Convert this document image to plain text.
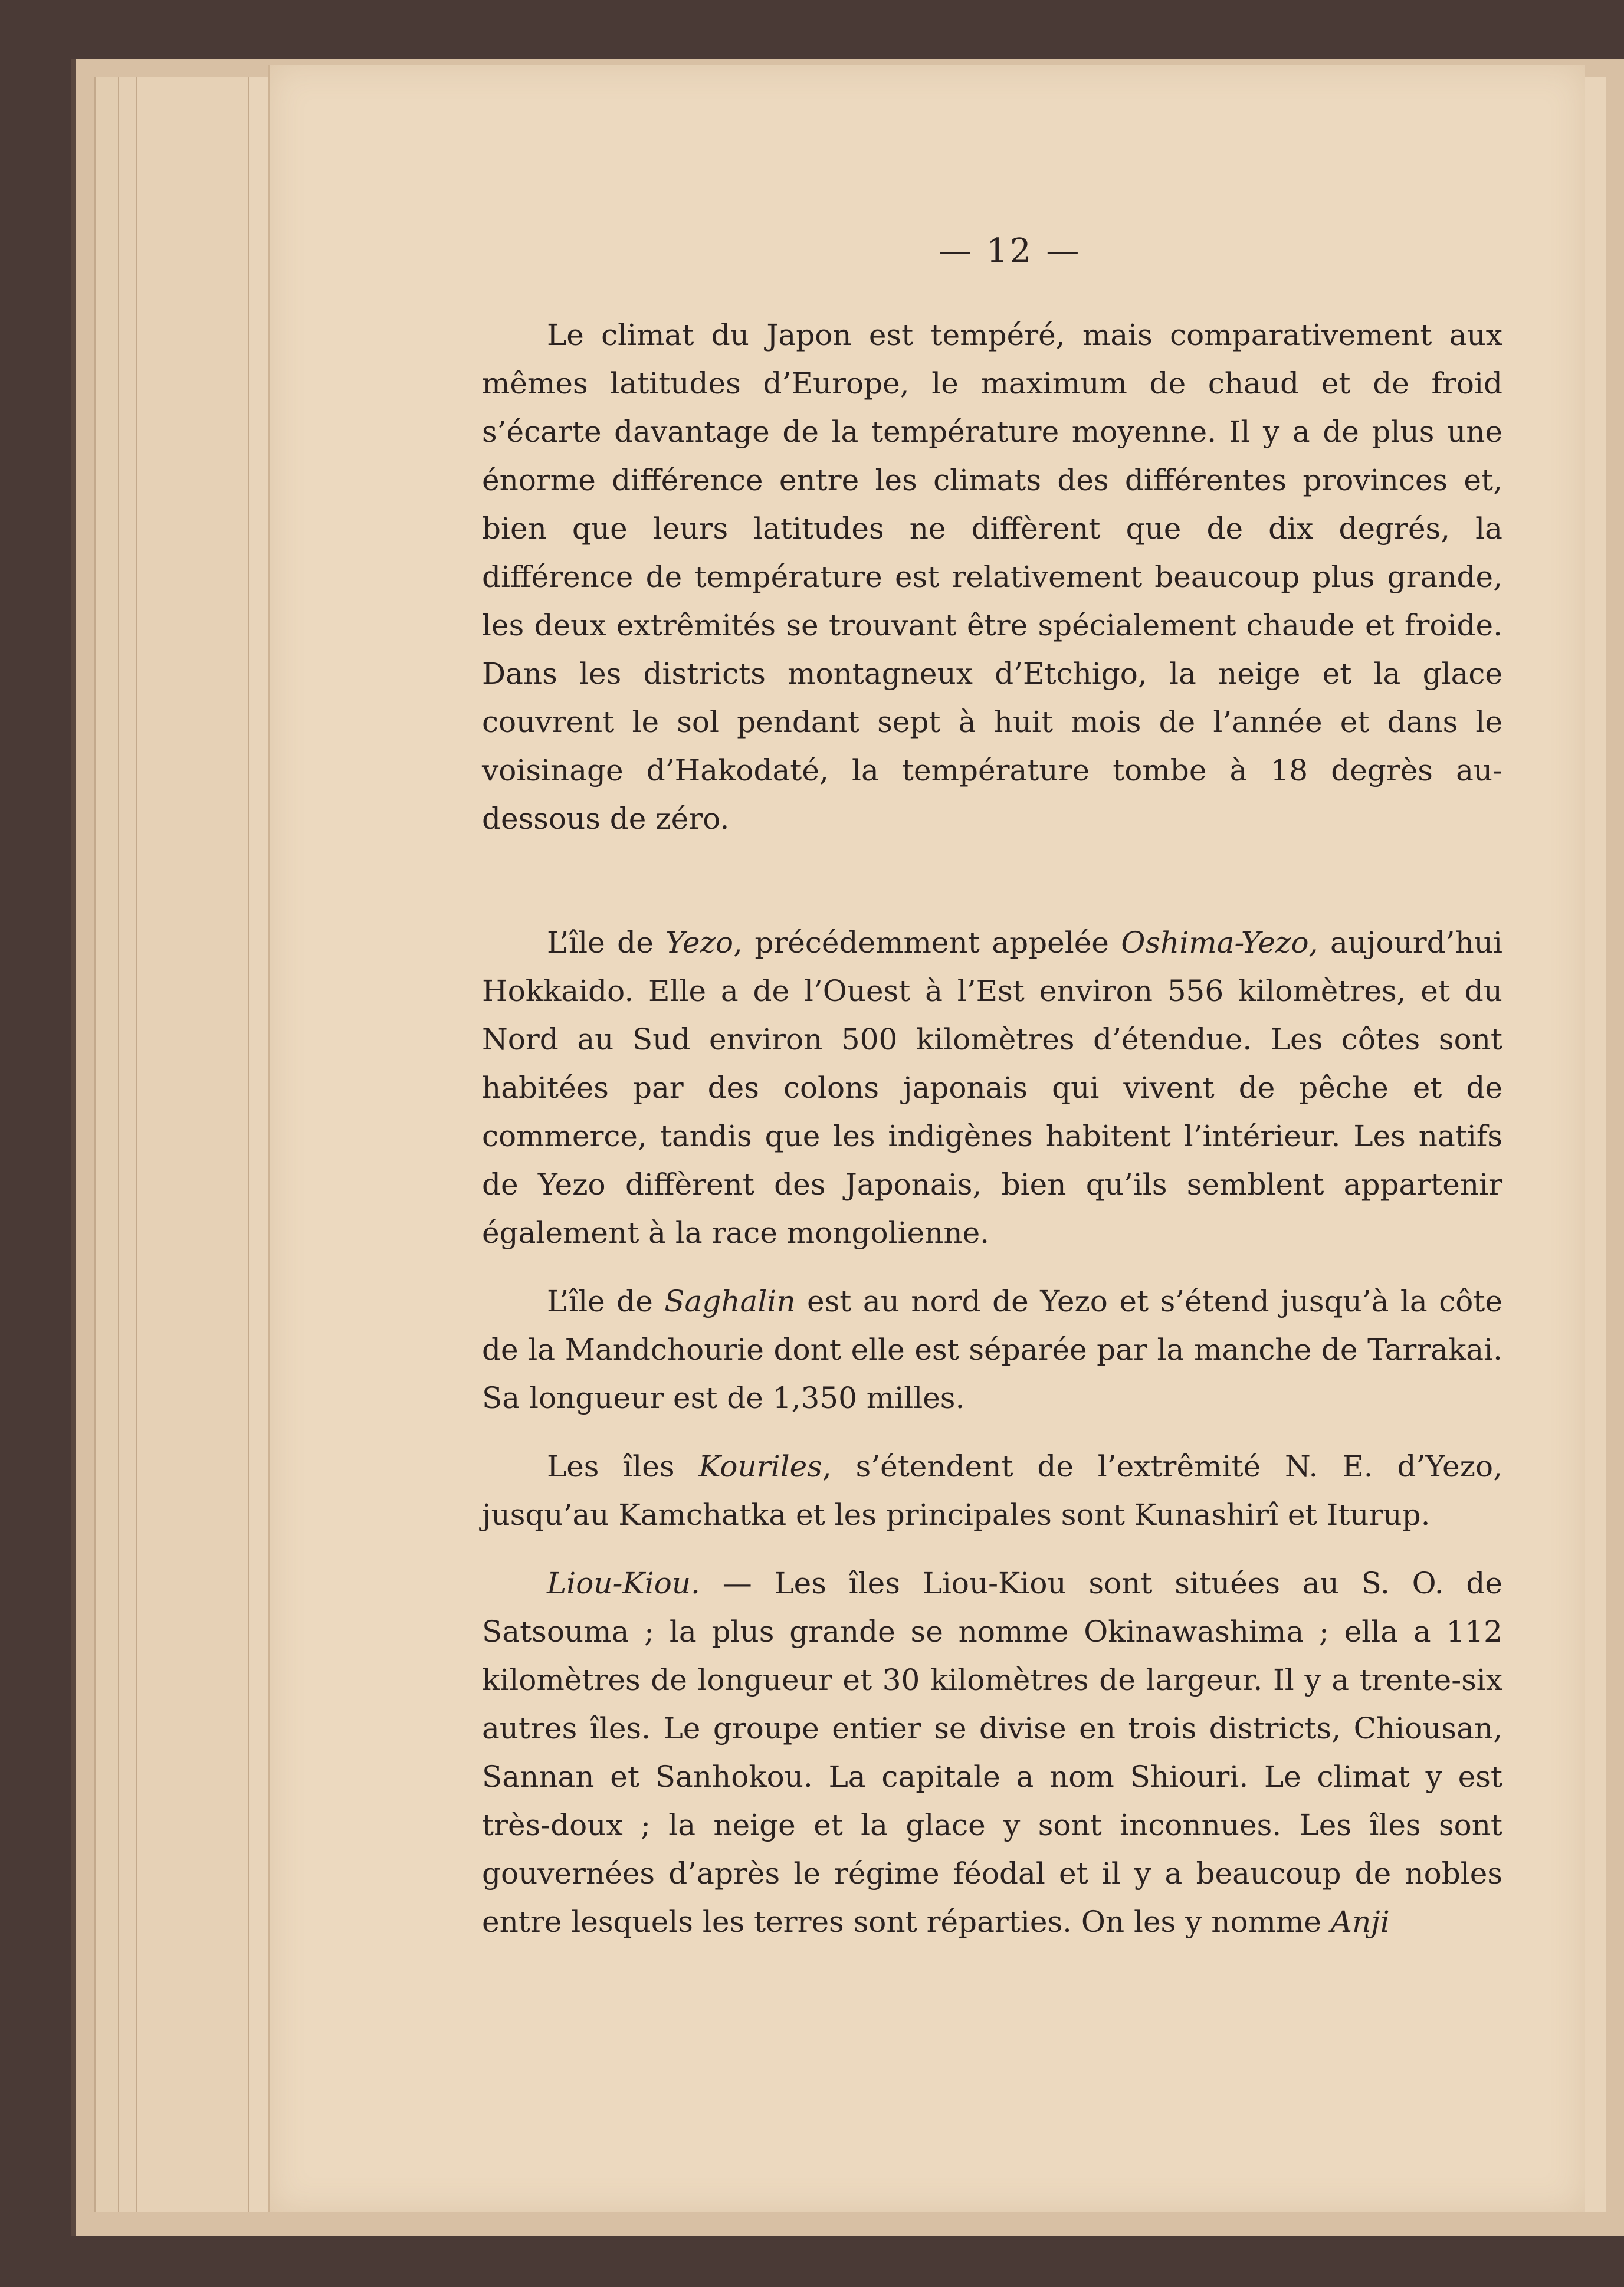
— 12 —

Le climat du Japon est tempéré, mais comparativement aux mêmes latitudes d’Europe, le maximum de chaud et de froid s’écarte davantage de la température moyenne. Il y a de plus une énorme différence entre les climats des différentes provinces et, bien que leurs latitudes ne diffèrent que de dix degrés, la différence de température est relativement beaucoup plus grande, les deux extrêmités se trouvant être spécialement chaude et froide. Dans les districts montagneux d’Etchigo, la neige et la glace couvrent le sol pendant sept à huit mois de l’année et dans le voisinage d’Hakodaté, la température tombe à 18 degrès au-dessous de zéro.

L’île de Yezo, précédemment appelée Oshima-Yezo, aujourd’hui Hokkaido. Elle a de l’Ouest à l’Est environ 556 kilomètres, et du Nord au Sud environ 500 kilomètres d’étendue. Les côtes sont habitées par des colons japonais qui vivent de pêche et de commerce, tandis que les indigènes habitent l’intérieur. Les natifs de Yezo diffèrent des Japonais, bien qu’ils semblent appartenir également à la race mongolienne.

L’île de Saghalin est au nord de Yezo et s’étend jusqu’à la côte de la Mandchourie dont elle est séparée par la manche de Tarrakai. Sa longueur est de 1,350 milles.

Les îles Kouriles, s’étendent de l’extrêmité N. E. d’Yezo, jusqu’au Kamchatka et les principales sont Kunashirî et Iturup.

Liou-Kiou. — Les îles Liou-Kiou sont situées au S. O. de Satsouma ; la plus grande se nomme Okinawashima ; ella a 112 kilomètres de longueur et 30 kilomètres de largeur. Il y a trente-six autres îles. Le groupe entier se divise en trois districts, Chiousan, Sannan et Sanhokou. La capitale a nom Shiouri. Le climat y est très-doux ; la neige et la glace y sont inconnues. Les îles sont gouvernées d’après le régime féodal et il y a beaucoup de nobles entre lesquels les terres sont réparties. On les y nomme Anji
